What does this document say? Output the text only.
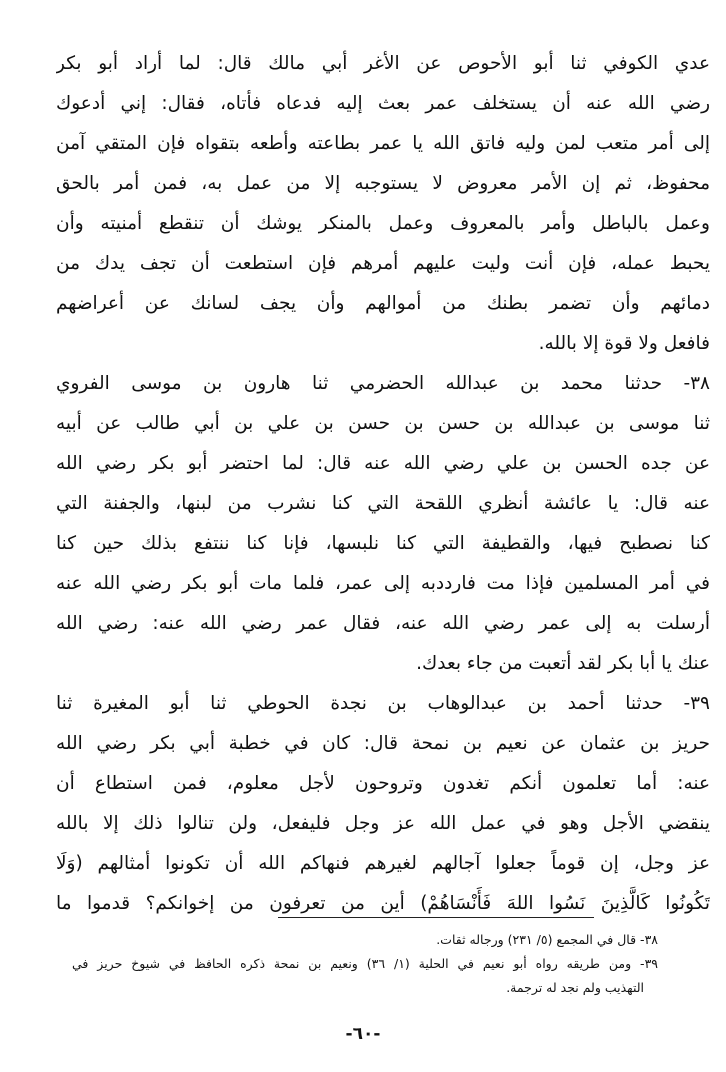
عدي الكوفي ثنا أبو الأحوص عن الأغر أبي مالك قال: لما أراد أبو بكر
رضي الله عنه أن يستخلف عمر بعث إليه فدعاه فأتاه، فقال: إني أدعوك
إلى أمر متعب لمن وليه فاتق الله يا عمر بطاعته وأطعه بتقواه فإن المتقي آمن
محفوظ، ثم إن الأمر معروض لا يستوجبه إلا من عمل به، فمن أمر بالحق
وعمل بالباطل وأمر بالمعروف وعمل بالمنكر يوشك أن تنقطع أمنيته وأن
يحبط عمله، فإن أنت وليت عليهم أمرهم فإن استطعت أن تجف يدك من
دمائهم وأن تضمر بطنك من أموالهم وأن يجف لسانك عن أعراضهم
فافعل ولا قوة إلا بالله.
٣٨- حدثنا محمد بن عبدالله الحضرمي ثنا هارون بن موسى الفروي
ثنا موسى بن عبدالله بن حسن بن حسن بن علي بن أبي طالب عن أبيه
عن جده الحسن بن علي رضي الله عنه قال: لما احتضر أبو بكر رضي الله
عنه قال: يا عائشة أنظري اللقحة التي كنا نشرب من لبنها، والجفنة التي
كنا نصطبح فيها، والقطيفة التي كنا نلبسها، فإنا كنا ننتفع بذلك حين كنا
في أمر المسلمين فإذا مت فارددبه إلى عمر، فلما مات أبو بكر رضي الله عنه
أرسلت به إلى عمر رضي الله عنه، فقال عمر رضي الله عنه: رضي الله
عنك يا أبا بكر لقد أتعبت من جاء بعدك.
٣٩- حدثنا أحمد بن عبدالوهاب بن نجدة الحوطي ثنا أبو المغيرة ثنا
حريز بن عثمان عن نعيم بن نمحة قال: كان في خطبة أبي بكر رضي الله
عنه: أما تعلمون أنكم تغدون وتروحون لأجل معلوم، فمن استطاع أن
ينقضي الأجل وهو في عمل الله عز وجل فليفعل، ولن تنالوا ذلك إلا بالله
عز وجل، إن قوماً جعلوا آجالهم لغيرهم فنهاكم الله أن تكونوا أمثالهم (وَلَا
تَكُونُوا كَالَّذِينَ نَسُوا اللهَ فَأَنْسَاهُمْ) أين من تعرفون من إخوانكم؟ قدموا ما
٣٨- قال في المجمع (٥/ ٢٣١) ورجاله ثقات.
٣٩- ومن طريقه رواه أبو نعيم في الحلية (١/ ٣٦) ونعيم بن نمحة ذكره الحافظ في شيوخ حريز في
التهذيب ولم نجد له ترجمة.
-٦٠-
